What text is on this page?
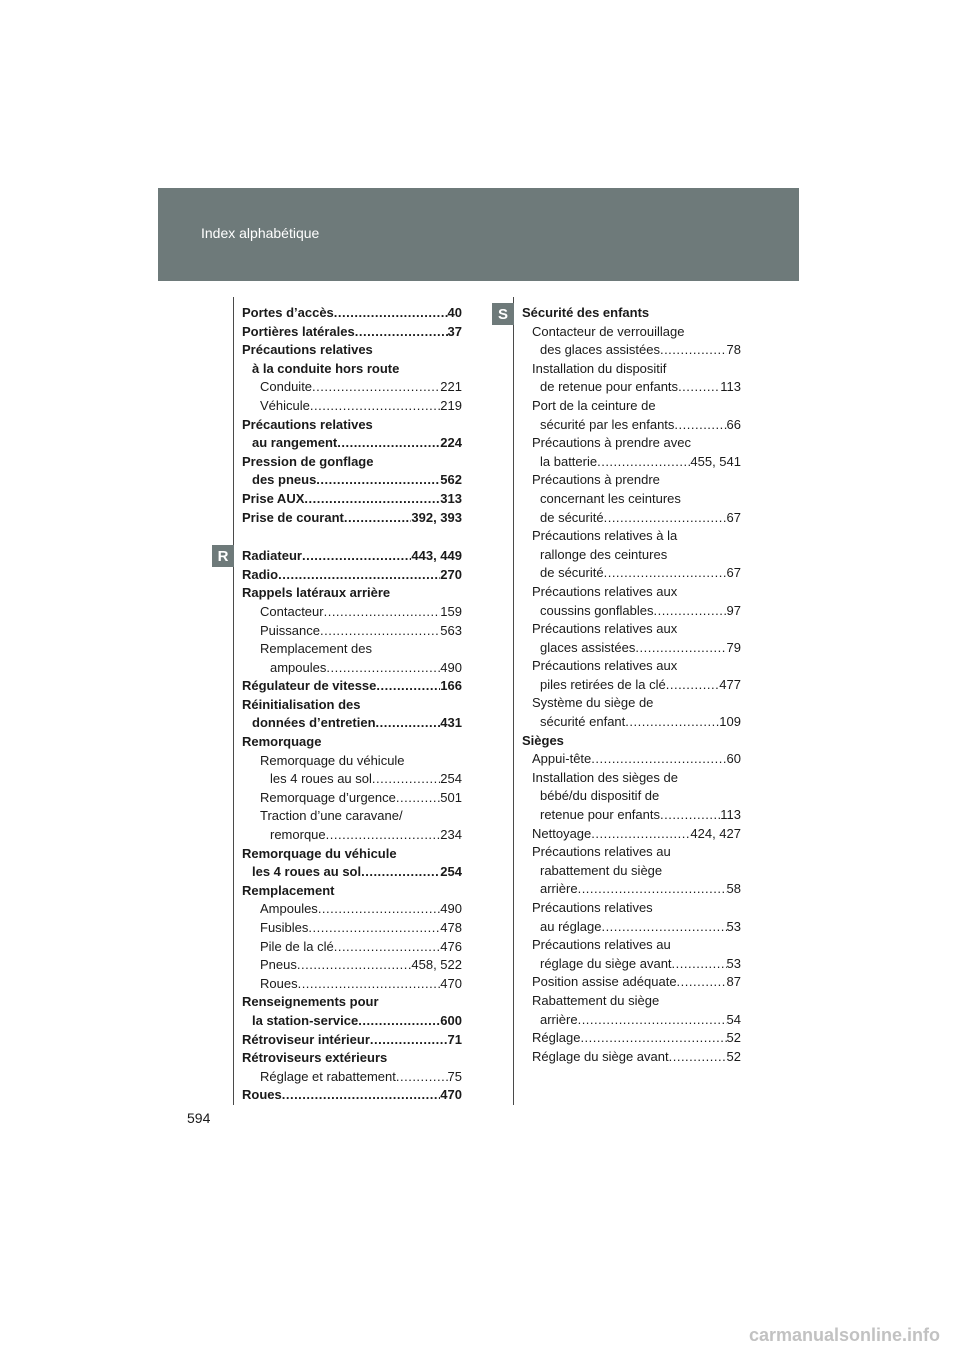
Index alphabétique
R
S
Portes d’accès .....	40
Portières latérales .....	37
Précautions relatives
à la conduite hors route
Conduite .....	221
Véhicule .....	219
Précautions relatives
au rangement .....	224
Pression de gonflage
des pneus .....	562
Prise AUX .....	313
Prise de courant .....	392, 393
Radiateur .....	443, 449
Radio .....	270
Rappels latéraux arrière
Contacteur .....	159
Puissance .....	563
Remplacement des
ampoules .....	490
Régulateur de vitesse .....	166
Réinitialisation des
données d’entretien .....	431
Remorquage
Remorquage du véhicule
les 4 roues au sol .....	254
Remorquage d’urgence .....	501
Traction d’une caravane/
remorque .....	234
Remorquage du véhicule
les 4 roues au sol .....	254
Remplacement
Ampoules .....	490
Fusibles .....	478
Pile de la clé .....	476
Pneus .....	458, 522
Roues .....	470
Renseignements pour
la station-service .....	600
Rétroviseur intérieur .....	71
Rétroviseurs extérieurs
Réglage et rabattement .....	75
Roues .....	470
Sécurité des enfants
Contacteur de verrouillage
des glaces assistées .....	78
Installation du dispositif
de retenue pour enfants .....	113
Port de la ceinture de
sécurité par les enfants .....	66
Précautions à prendre avec
la batterie .....	455, 541
Précautions à prendre
concernant les ceintures
de sécurité .....	67
Précautions relatives à la
rallonge des ceintures
de sécurité .....	67
Précautions relatives aux
coussins gonflables .....	97
Précautions relatives aux
glaces assistées .....	79
Précautions relatives aux
piles retirées de la clé .....	477
Système du siège de
sécurité enfant .....	109
Sièges
Appui-tête .....	60
Installation des sièges de
bébé/du dispositif de
retenue pour enfants .....	113
Nettoyage .....	424, 427
Précautions relatives au
rabattement du siège
arrière .....	58
Précautions relatives
au réglage .....	53
Précautions relatives au
réglage du siège avant .....	53
Position assise adéquate .....	87
Rabattement du siège
arrière .....	54
Réglage .....	52
Réglage du siège avant .....	52
594
carmanualsonline.info
